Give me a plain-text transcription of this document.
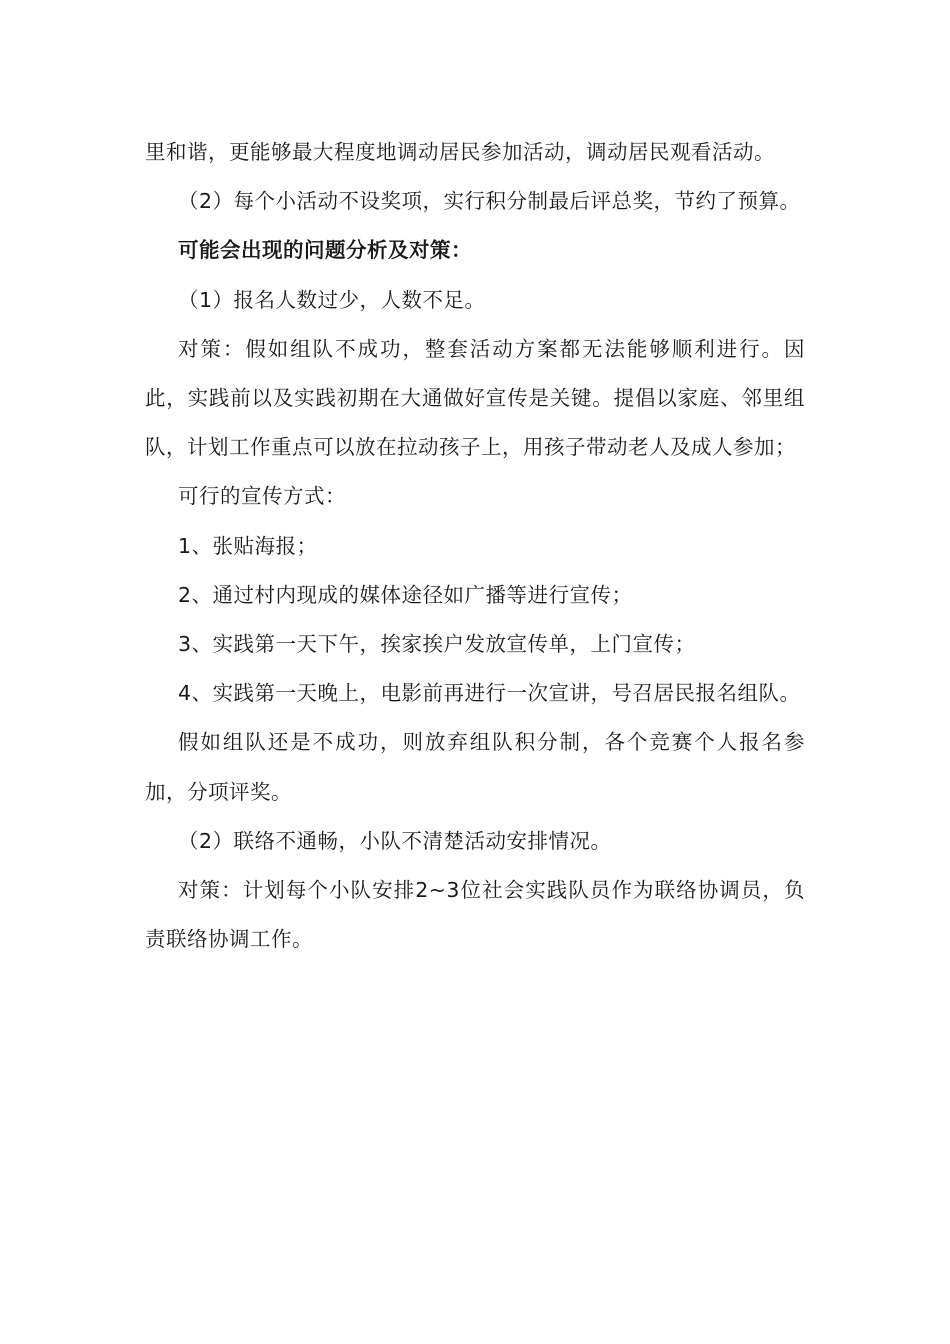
里和谐，更能够最大程度地调动居民参加活动，调动居民观看活动。

（2）每个小活动不设奖项，实行积分制最后评总奖，节约了预算。

可能会出现的问题分析及对策：

（1）报名人数过少，人数不足。

对策：假如组队不成功，整套活动方案都无法能够顺利进行。因此，实践前以及实践初期在大通做好宣传是关键。提倡以家庭、邻里组队，计划工作重点可以放在拉动孩子上，用孩子带动老人及成人参加；

可行的宣传方式：

1、张贴海报；

2、通过村内现成的媒体途径如广播等进行宣传；

3、实践第一天下午，挨家挨户发放宣传单，上门宣传；

4、实践第一天晚上，电影前再进行一次宣讲，号召居民报名组队。

假如组队还是不成功，则放弃组队积分制，各个竞赛个人报名参加，分项评奖。

（2）联络不通畅，小队不清楚活动安排情况。

对策：计划每个小队安排2~3位社会实践队员作为联络协调员，负责联络协调工作。
